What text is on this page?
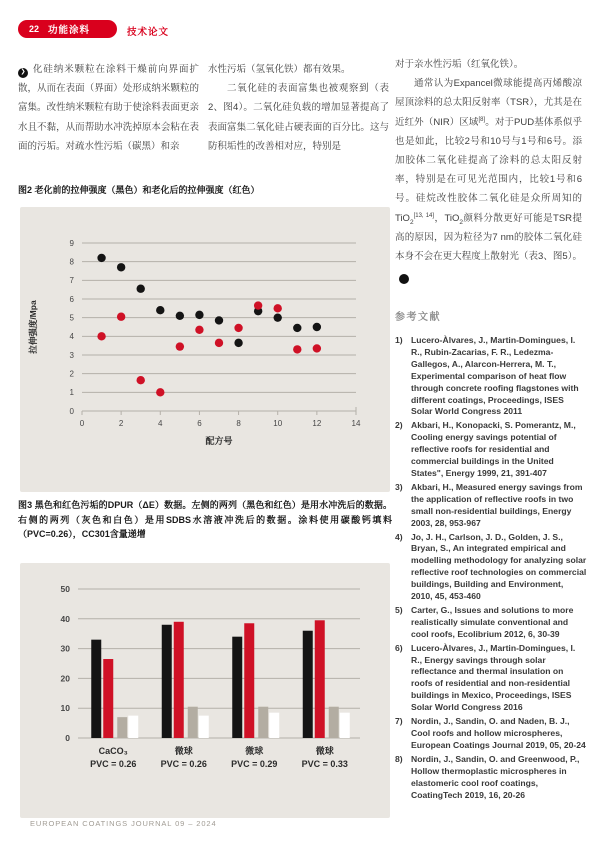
22 功能涂料	技术论文

❯ 化硅纳米颗粒在涂料干燥前向界面扩散，从而在表面（界面）处形成纳米颗粒的富集。改性纳米颗粒有助于使涂料表面更亲水且不黏，从而帮助水冲洗掉原本会粘在表面的污垢。对疏水性污垢（碳黑）和亲

水性污垢（氢氧化铁）都有效果。

二氧化硅的表面富集也被观察到（表2、图4）。二氧化硅负载的增加显著提高了表面富集二氧化硅占硬表面的百分比。这与防积垢性的改善相对应，特别是

对于亲水性污垢（红氧化铁）。

通常认为Expancel微球能提高丙烯酸凉屋顶涂料的总太阳反射率（TSR），尤其是在近红外（NIR）区域[8]。对于PUD基体系似乎也是如此，比较2号和10号与1号和6号。添加胶体二氧化硅提高了涂料的总太阳反射率，特别是在可见光范围内，比较1号和6号。硅烷改性胶体二氧化硅是众所周知的TiO$_2$[13, 14]，TiO$_2$颜料分散更好可能是TSR提高的原因，因为粒径为7 nm的胶体二氧化硅本身不会在更大程度上散射光（表3、图5）。❮

图2 老化前的拉伸强度（黑色）和老化后的拉伸强度（红色）
0
1
2
3
4
5
6
7
8
9
0	2	4	6	8	10	12	14
配方号
拉伸强度/Mpa
图3 黑色和红色污垢的DPUR（ΔE）数据。左侧的两列（黑色和红色）是用水冲洗后的数据。右侧的两列（灰色和白色）是用SDBS水溶液冲洗后的数据。涂料使用碳酸钙填料（PVC=0.26），CC301含量递增
0
10
20
30
40
50
CaCO₃
PVC = 0.26
微球
PVC = 0.26
微球
PVC = 0.29
微球
PVC = 0.33

参考文献

1) Lucero-Àlvares, J., Martin-Domingues, I. R., Rubin-Zacarias, F. R., Ledezma-Gallegos, A., Alarcon-Herrera, M. T., Experimental comparison of heat flow through concrete roofing flagstones with different coatings, Proceedings, ISES Solar World Congress 2011
2) Akbari, H., Konopacki, S. Pomerantz, M., Cooling energy savings potential of reflective roofs for residential and commercial buildings in the United States", Energy 1999, 21, 391-407
3) Akbari, H., Measured energy savings from the application of reflective roofs in two small non-residential buildings, Energy 2003, 28, 953-967
4) Jo, J. H., Carlson, J. D., Golden, J. S., Bryan, S., An integrated empirical and modelling methodology for analyzing solar reflective roof technologies on commercial buildings, Building and Environment, 2010, 45, 453-460
5) Carter, G., Issues and solutions to more realistically simulate conventional and cool roofs, Ecolibrium 2012, 6, 30-39
6) Lucero-Àlvares, J., Martin-Domingues, I. R., Energy savings through solar reflectance and thermal insulation on roofs of residential and non-residential buildings in Mexico, Proceedings, ISES Solar World Congress 2016
7) Nordin, J., Sandin, O. and Naden, B. J., Cool roofs and hollow microspheres, European Coatings Journal 2019, 05, 20-24
8) Nordin, J., Sandin, O. and Greenwood, P., Hollow thermoplastic microspheres in elastomeric cool roof coatings, CoatingTech 2019, 16, 20-26
EUROPEAN COATINGS JOURNAL 09 – 2024
